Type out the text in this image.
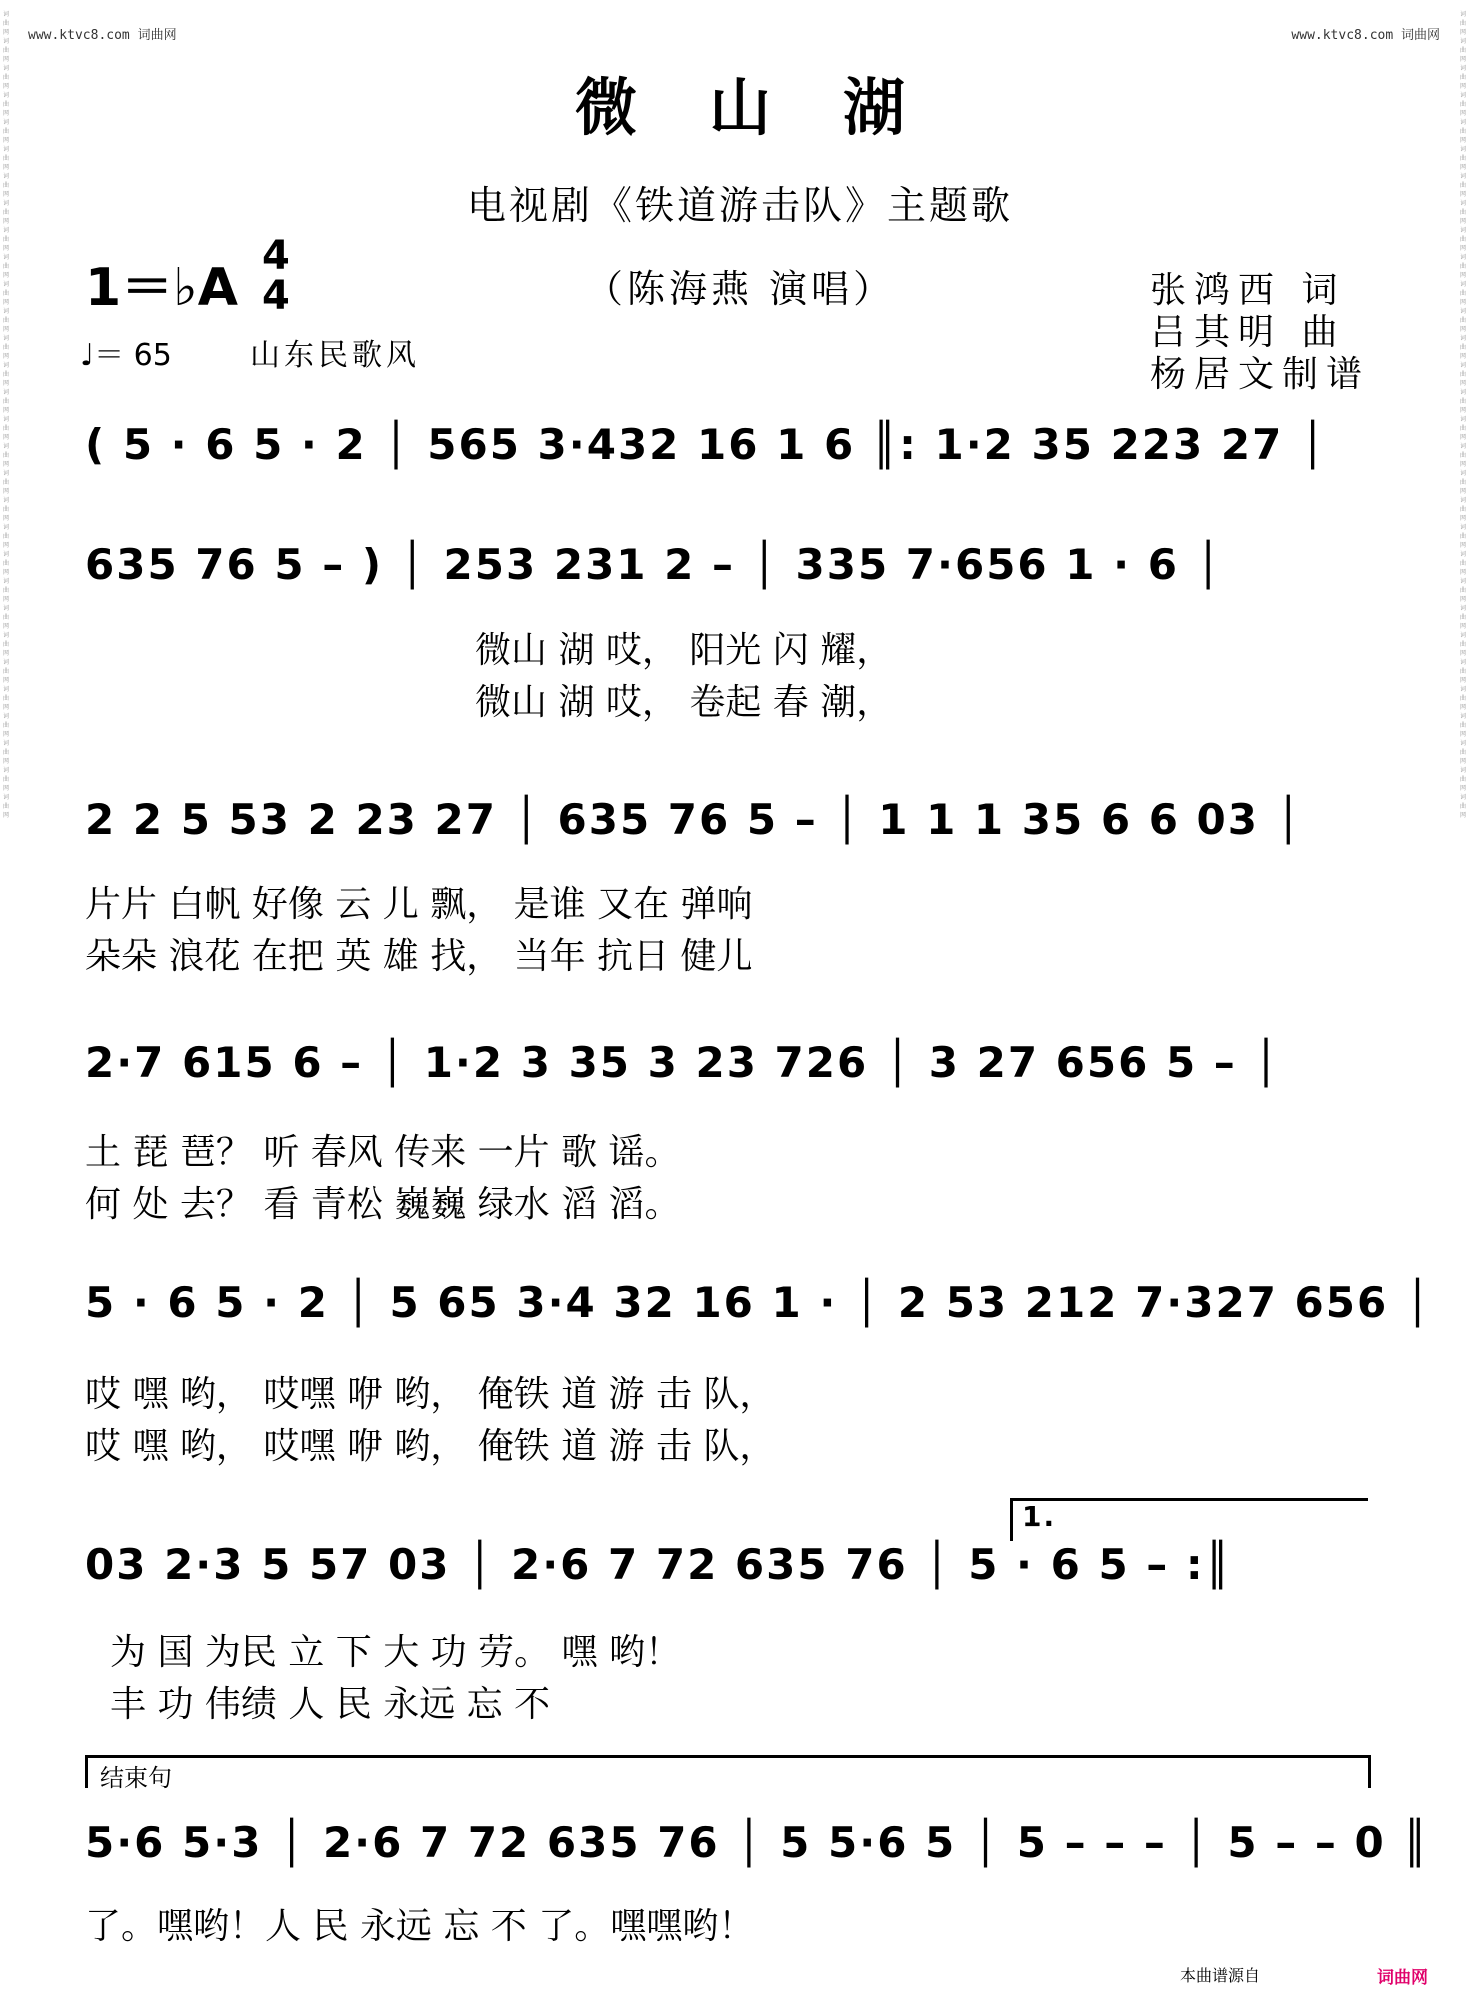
词曲网词曲网词曲网词曲网词曲网词曲网词曲网词曲网词曲网词曲网词曲网词曲网词曲网词曲网词曲网词曲网词曲网词曲网词曲网词曲网词曲网词曲网词曲网词曲网词曲网词曲网词曲网词曲网词曲网词曲网
词曲网词曲网词曲网词曲网词曲网词曲网词曲网词曲网词曲网词曲网词曲网词曲网词曲网词曲网词曲网词曲网词曲网词曲网词曲网词曲网词曲网词曲网词曲网词曲网词曲网词曲网词曲网词曲网词曲网词曲网
www.ktvc8.com 词曲网	www.ktvc8.com 词曲网
微山湖
电视剧《铁道游击队》主题歌
（陈海燕 演唱）	张鸿西 词
吕其明 曲
杨居文制谱
1＝♭A
4
4
♩＝ 65	山东民歌风
( 5 · 6 5 · 2 │ 565 3·432 16 1 6 ║: 1·2 35 223 27 │
635 76 5 – ) │ 253 231 2 – │ 335 7·656 1 · 6 │
微山 湖 哎， 阳光 闪 耀，
微山 湖 哎， 卷起 春 潮，
2 2 5 53 2 23 27 │ 635 76 5 – │ 1 1 1 35 6 6 03 │
片片 白帆 好像 云 儿 飘， 是谁 又在 弹响
朵朵 浪花 在把 英 雄 找， 当年 抗日 健儿
2·7 615 6 – │ 1·2 3 35 3 23 726 │ 3 27 656 5 – │
土 琵 琶？ 听 春风 传来 一片 歌 谣。
何 处 去？ 看 青松 巍巍 绿水 滔 滔。
5 · 6 5 · 2 │ 5 65 3·4 32 16 1 · │ 2 53 212 7·327 656 │
哎 嘿 哟， 哎嘿 咿 哟， 俺铁 道 游 击 队，
哎 嘿 哟， 哎嘿 咿 哟， 俺铁 道 游 击 队，
1.
03 2·3 5 57 03 │ 2·6 7 72 635 76 │ 5 · 6 5 – :║
为 国 为民 立 下 大 功 劳。 嘿 哟！
丰 功 伟绩 人 民 永远 忘 不
结束句
5·6 5·3 │ 2·6 7 72 635 76 │ 5 5·6 5 │ 5 – – – │ 5 – – 0 ║
了。嘿哟！人 民 永远 忘 不 了。嘿嘿哟！
本曲谱源自	词曲网
